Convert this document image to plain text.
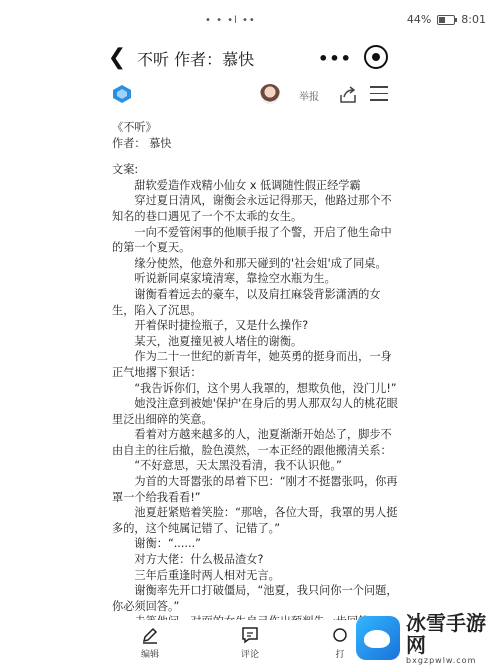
• • •l ••	44%	8:01
❮ 不听 作者：慕快	•••
举报

《不听》

作者： 慕快

文案:

甜软爱造作戏精小仙女 x 低调随性假正经学霸

穿过夏日清风，谢衡会永远记得那天，他路过那个不知名的巷口遇见了一个不太乖的女生。

一向不爱管闲事的他顺手报了个警，开启了他生命中的第一个夏天。

缘分使然，他意外和那天碰到的'社会姐'成了同桌。

听说新同桌家境清寒，靠捡空水瓶为生。

谢衡看着远去的豪车，以及肩扛麻袋背影潇洒的女生，陷入了沉思。

开着保时捷捡瓶子，又是什么操作?

某天，池夏撞见被人堵住的谢衡。

作为二十一世纪的新青年，她英勇的挺身而出，一身正气地撂下狠话：

“我告诉你们，这个男人我罩的，想欺负他，没门儿!”

她没注意到被她'保护'在身后的男人那双勾人的桃花眼里泛出细碎的笑意。

看着对方越来越多的人，池夏渐渐开始怂了，脚步不由自主的往后撤，脸色漠然，一本正经的跟他搬清关系：

“不好意思，天太黑没看清，我不认识他。”

为首的大哥嚣张的昂着下巴：“刚才不挺嚣张吗，你再罩一个给我看看!”

池夏赶紧赔着笑脸：“那啥，各位大哥，我罩的男人挺多的，这个纯属记错了、记错了。”

谢衡：“......”

对方大佬：什么极品渣女?

三年后重逢时两人相对无言。

谢衡率先开口打破僵局，“池夏，我只问你一个问题，你必须回答。”

编辑	评论	打
冰雪手游网
bxgzpwlw.com
